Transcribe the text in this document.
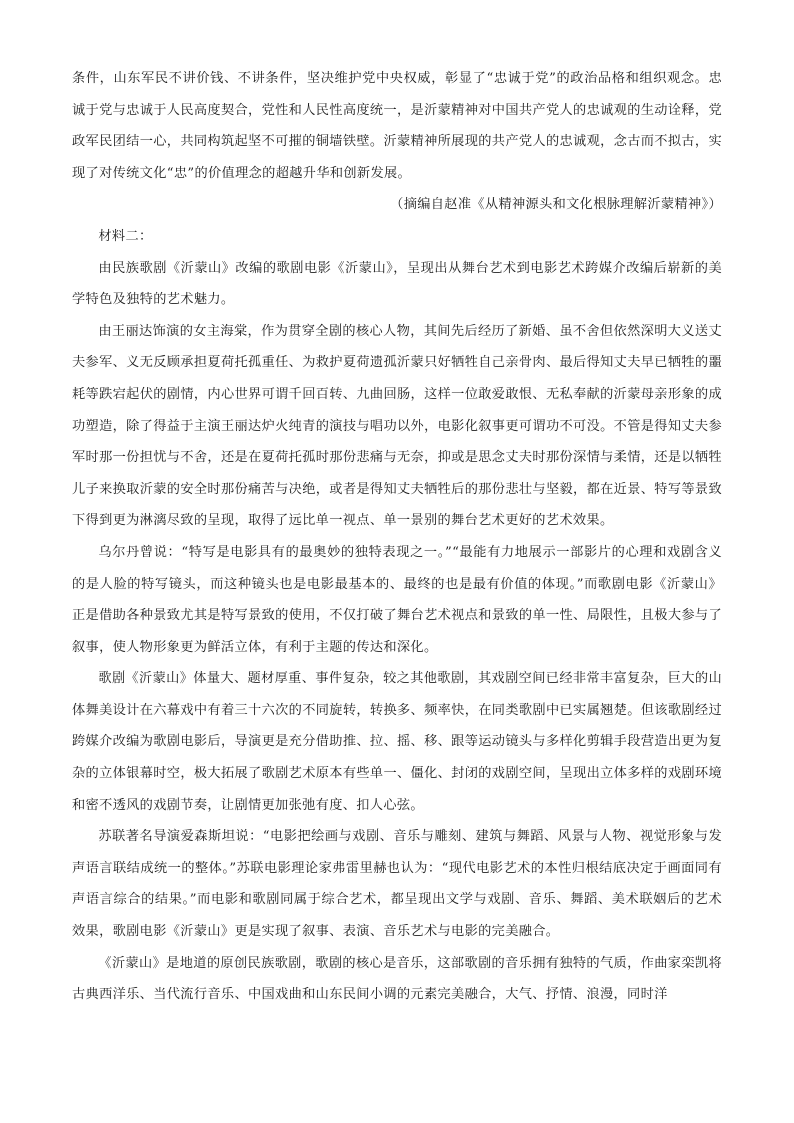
条件，山东军民不讲价钱、不讲条件，坚决维护党中央权威，彰显了“忠诚于党”的政治品格和组织观念。忠诚于党与忠诚于人民高度契合，党性和人民性高度统一，是沂蒙精神对中国共产党人的忠诚观的生动诠释，党政军民团结一心，共同构筑起坚不可摧的铜墙铁壁。沂蒙精神所展现的共产党人的忠诚观，念古而不拟古，实现了对传统文化“忠”的价值理念的超越升华和创新发展。

（摘编自赵准《从精神源头和文化根脉理解沂蒙精神》）

材料二：

由民族歌剧《沂蒙山》改编的歌剧电影《沂蒙山》，呈现出从舞台艺术到电影艺术跨媒介改编后崭新的美学特色及独特的艺术魅力。

由王丽达饰演的女主海棠，作为贯穿全剧的核心人物，其间先后经历了新婚、虽不舍但依然深明大义送丈夫参军、义无反顾承担夏荷托孤重任、为救护夏荷遗孤沂蒙只好牺牲自己亲骨肉、最后得知丈夫早已牺牲的噩耗等跌宕起伏的剧情，内心世界可谓千回百转、九曲回肠，这样一位敢爱敢恨、无私奉献的沂蒙母亲形象的成功塑造，除了得益于主演王丽达炉火纯青的演技与唱功以外，电影化叙事更可谓功不可没。不管是得知丈夫参军时那一份担忧与不舍，还是在夏荷托孤时那份悲痛与无奈，抑或是思念丈夫时那份深情与柔情，还是以牺牲儿子来换取沂蒙的安全时那份痛苦与决绝，或者是得知丈夫牺牲后的那份悲壮与坚毅，都在近景、特写等景致下得到更为淋漓尽致的呈现，取得了远比单一视点、单一景别的舞台艺术更好的艺术效果。

乌尔丹曾说：“特写是电影具有的最奥妙的独特表现之一。”“最能有力地展示一部影片的心理和戏剧含义的是人脸的特写镜头，而这种镜头也是电影最基本的、最终的也是最有价值的体现。”而歌剧电影《沂蒙山》正是借助各种景致尤其是特写景致的使用，不仅打破了舞台艺术视点和景致的单一性、局限性，且极大参与了叙事，使人物形象更为鲜活立体，有利于主题的传达和深化。

歌剧《沂蒙山》体量大、题材厚重、事件复杂，较之其他歌剧，其戏剧空间已经非常丰富复杂，巨大的山体舞美设计在六幕戏中有着三十六次的不同旋转，转换多、频率快，在同类歌剧中已实属翘楚。但该歌剧经过跨媒介改编为歌剧电影后，导演更是充分借助推、拉、摇、移、跟等运动镜头与多样化剪辑手段营造出更为复杂的立体银幕时空，极大拓展了歌剧艺术原本有些单一、僵化、封闭的戏剧空间，呈现出立体多样的戏剧环境和密不透风的戏剧节奏，让剧情更加张弛有度、扣人心弦。

苏联著名导演爱森斯坦说：“电影把绘画与戏剧、音乐与雕刻、建筑与舞蹈、风景与人物、视觉形象与发声语言联结成统一的整体。”苏联电影理论家弗雷里赫也认为：“现代电影艺术的本性归根结底决定于画面同有声语言综合的结果。”而电影和歌剧同属于综合艺术，都呈现出文学与戏剧、音乐、舞蹈、美术联姻后的艺术效果，歌剧电影《沂蒙山》更是实现了叙事、表演、音乐艺术与电影的完美融合。

《沂蒙山》是地道的原创民族歌剧，歌剧的核心是音乐，这部歌剧的音乐拥有独特的气质，作曲家栾凯将古典西洋乐、当代流行音乐、中国戏曲和山东民间小调的元素完美融合，大气、抒情、浪漫，同时洋
